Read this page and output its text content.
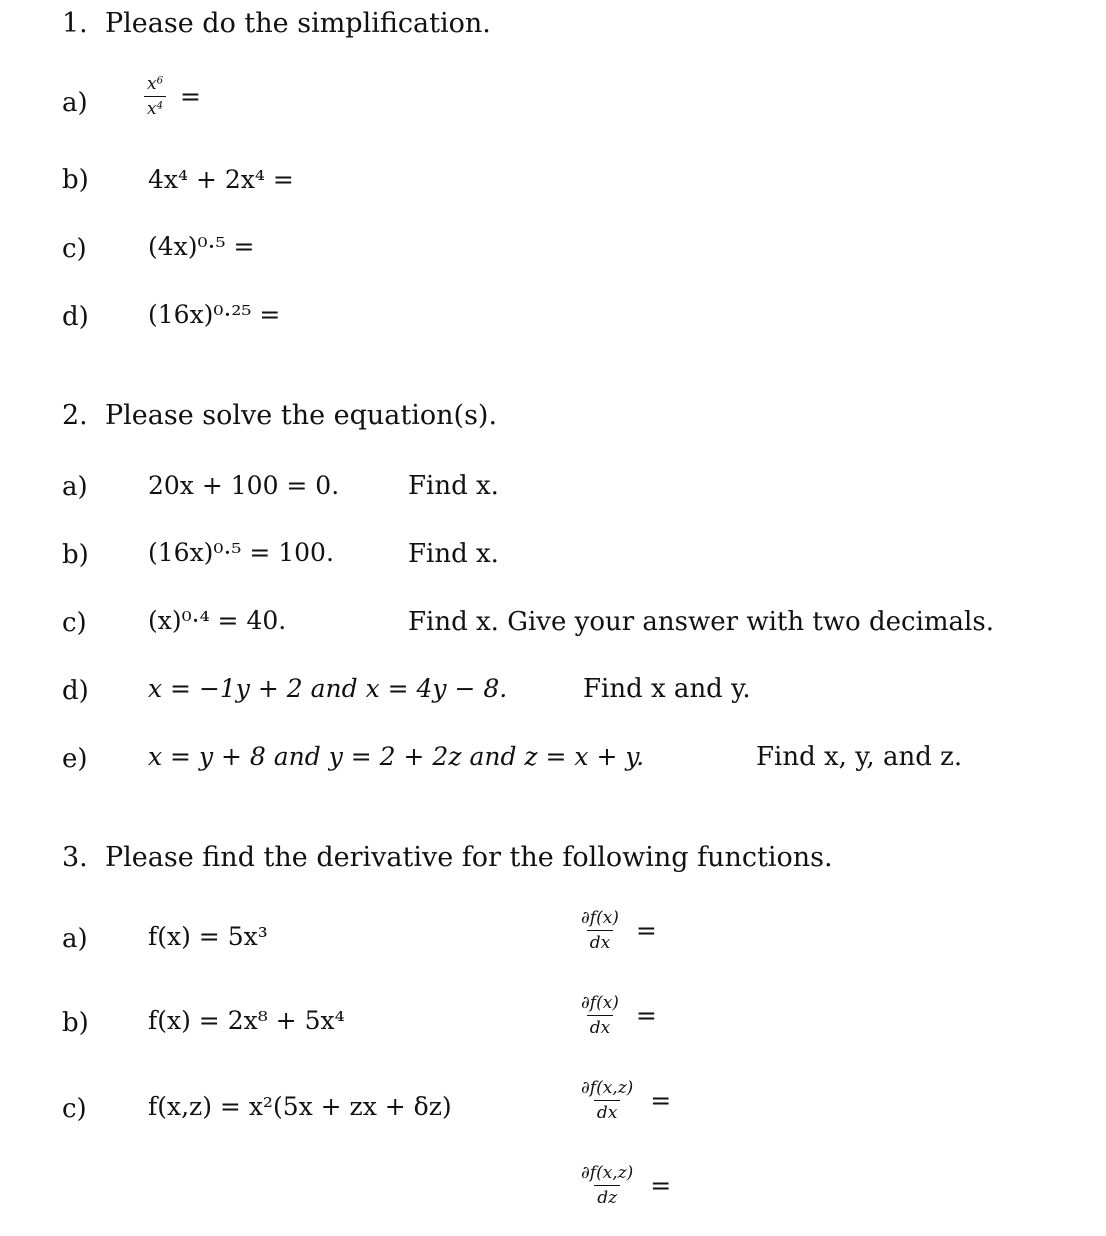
1. Please do the simplification.
a)	$\frac{x^6}{x^4}$ =
b) 4x⁴ + 2x⁴ =
c) (4x)⁰·⁵ =
d) (16x)⁰·²⁵ =
2. Please solve the equation(s).
a) 20x + 100 = 0.	Find x.
b) (16x)⁰·⁵ = 100.	Find x.
c) (x)⁰·⁴ = 40.	Find x. Give your answer with two decimals.
d) x = −1y + 2 and x = 4y − 8.	Find x and y.
e) x = y + 8 and y = 2 + 2z and z = x + y.	Find x, y, and z.
3. Please find the derivative for the following functions.
a) f(x) = 5x³	$\frac{\partial f(x)}{dx}$ =
b) f(x) = 2x⁸ + 5x⁴	$\frac{\partial f(x)}{dx}$ =
c) f(x,z) = x²(5x + zx + δz)	$\frac{\partial f(x,z)}{dx}$ =
$\frac{\partial f(x,z)}{dz}$ =
